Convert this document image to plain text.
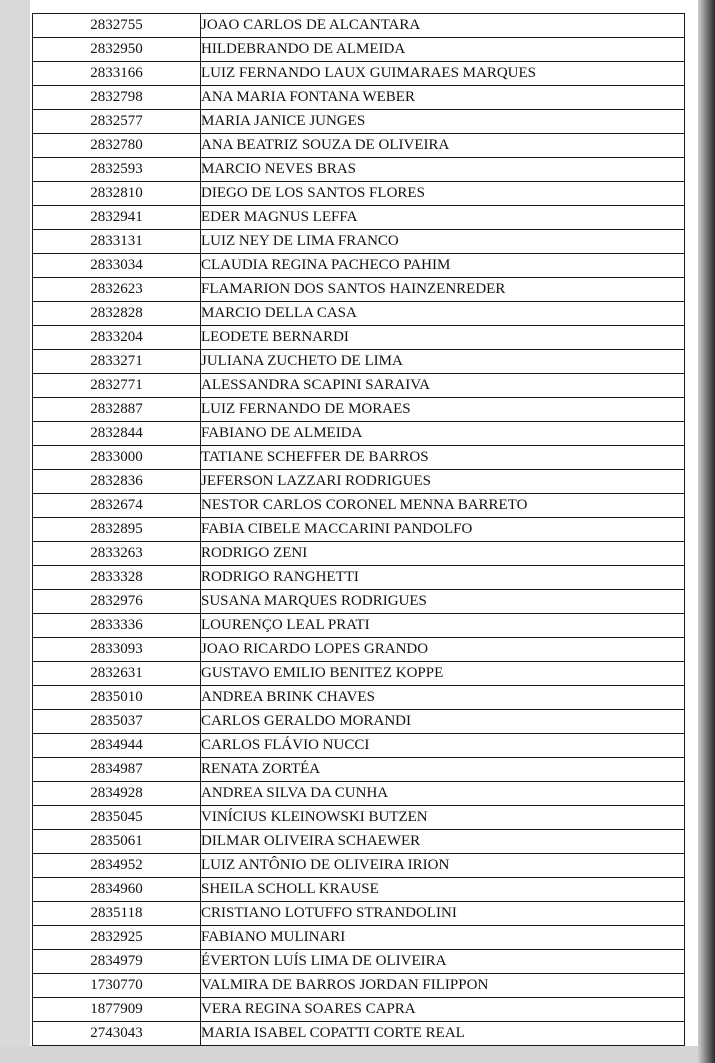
2832755	JOAO CARLOS DE ALCANTARA
2832950	HILDEBRANDO DE ALMEIDA
2833166	LUIZ FERNANDO LAUX GUIMARAES MARQUES
2832798	ANA MARIA FONTANA WEBER
2832577	MARIA JANICE JUNGES
2832780	ANA BEATRIZ SOUZA DE OLIVEIRA
2832593	MARCIO NEVES BRAS
2832810	DIEGO DE LOS SANTOS FLORES
2832941	EDER MAGNUS LEFFA
2833131	LUIZ NEY DE LIMA FRANCO
2833034	CLAUDIA REGINA PACHECO PAHIM
2832623	FLAMARION DOS SANTOS HAINZENREDER
2832828	MARCIO DELLA CASA
2833204	LEODETE BERNARDI
2833271	JULIANA ZUCHETO DE LIMA
2832771	ALESSANDRA SCAPINI SARAIVA
2832887	LUIZ FERNANDO DE MORAES
2832844	FABIANO DE ALMEIDA
2833000	TATIANE SCHEFFER DE BARROS
2832836	JEFERSON LAZZARI RODRIGUES
2832674	NESTOR CARLOS CORONEL MENNA BARRETO
2832895	FABIA CIBELE MACCARINI PANDOLFO
2833263	RODRIGO ZENI
2833328	RODRIGO RANGHETTI
2832976	SUSANA MARQUES RODRIGUES
2833336	LOURENÇO LEAL PRATI
2833093	JOAO RICARDO LOPES GRANDO
2832631	GUSTAVO EMILIO BENITEZ KOPPE
2835010	ANDREA BRINK CHAVES
2835037	CARLOS GERALDO MORANDI
2834944	CARLOS FLÁVIO NUCCI
2834987	RENATA ZORTÉA
2834928	ANDREA SILVA DA CUNHA
2835045	VINÍCIUS KLEINOWSKI BUTZEN
2835061	DILMAR OLIVEIRA SCHAEWER
2834952	LUIZ ANTÔNIO DE OLIVEIRA IRION
2834960	SHEILA SCHOLL KRAUSE
2835118	CRISTIANO LOTUFFO STRANDOLINI
2832925	FABIANO MULINARI
2834979	ÉVERTON LUÍS LIMA DE OLIVEIRA
1730770	VALMIRA DE BARROS JORDAN FILIPPON
1877909	VERA REGINA SOARES CAPRA
2743043	MARIA ISABEL COPATTI CORTE REAL
